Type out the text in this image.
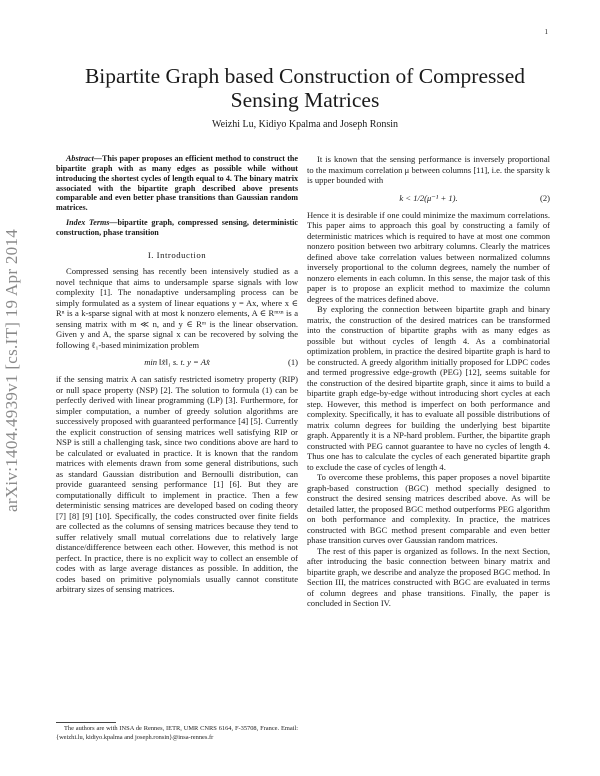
1
arXiv:1404.4939v1 [cs.IT] 19 Apr 2014
Bipartite Graph based Construction of Compressed Sensing Matrices
Weizhi Lu, Kidiyo Kpalma and Joseph Ronsin

Abstract—This paper proposes an efficient method to construct the bipartite graph with as many edges as possible while without introducing the shortest cycles of length equal to 4. The binary matrix associated with the bipartite graph described above presents comparable and even better phase transitions than Gaussian random matrices.

Index Terms—bipartite graph, compressed sensing, deterministic construction, phase transition

I. Introduction

Compressed sensing has recently been intensively studied as a novel technique that aims to undersample sparse signals with low complexity [1]. The nonadaptive undersampling process can be simply formulated as a system of linear equations y = Ax, where x ∈ Rⁿ is a k-sparse signal with at most k nonzero elements, A ∈ Rᵐˣⁿ is a sensing matrix with m ≪ n, and y ∈ Rᵐ is the linear observation. Given y and A, the sparse signal x can be recovered by solving the following ℓ₁-based minimization problem

min ‖x̂‖₁ s. t. y = Ax̂	(1)

if the sensing matrix A can satisfy restricted isometry property (RIP) or null space property (NSP) [2]. The solution to formula (1) can be perfectly derived with linear programming (LP) [3]. Furthermore, for simpler computation, a number of greedy solution algorithms are successively proposed with guaranteed performance [4] [5]. Currently the explicit construction of sensing matrices well satisfying RIP or NSP is still a challenging task, since two conditions above are hard to be calculated or evaluated in practice. It is known that the random matrices with elements drawn from some general distributions, such as standard Gaussian distribution and Bernoulli distribution, can provide guaranteed sensing performance [1] [6]. But they are computationally difficult to implement in practice. Then a few deterministic sensing matrices are developed based on coding theory [7] [8] [9] [10]. Specifically, the codes constructed over finite fields are collected as the columns of sensing matrices because they tend to suffer relatively small mutual correlations due to relatively large distance/difference between each other. However, this method is not perfect. In practice, there is no explicit way to collect an ensemble of codes with as large average distances as possible. In addition, the codes based on primitive polynomials usually cannot constitute arbitrary sizes of sensing matrices.

The authors are with INSA de Rennes, IETR, UMR CNRS 6164, F-35708, France. Email: {weizhi.lu, kidiyo.kpalma and joseph.ronsin}@insa-rennes.fr

It is known that the sensing performance is inversely proportional to the maximum correlation μ between columns [11], i.e. the sparsity k is upper bounded with

k < 1/2(μ⁻¹ + 1).	(2)

Hence it is desirable if one could minimize the maximum correlations. This paper aims to approach this goal by constructing a family of deterministic matrices which is required to have at most one common nonzero position between two arbitrary columns. Clearly the matrices defined above take correlation values between normalized columns inversely proportional to the column degrees, namely the number of nonzero elements in each column. In this sense, the major task of this paper is to propose an explicit method to maximize the column degrees of the matrices defined above.

By exploring the connection between bipartite graph and binary matrix, the construction of the desired matrices can be transformed into the construction of bipartite graphs with as many edges as possible but without cycles of length 4. As a combinatorial optimization problem, in practice the desired bipartite graph is hard to be constructed. A greedy algorithm initially proposed for LDPC codes and termed progressive edge-growth (PEG) [12], seems suitable for the construction of the desired bipartite graph, since it aims to build a bipartite graph edge-by-edge without introducing short cycles at each step. However, this method is imperfect on both performance and complexity. Specifically, it has to evaluate all possible distributions of matrix column degrees for building the underlying best bipartite graph. Apparently it is a NP-hard problem. Further, the bipartite graph constructed with PEG cannot guarantee to have no cycles of length 4. Thus one has to calculate the cycles of each generated bipartite graph to exclude the case of cycles of length 4.

To overcome these problems, this paper proposes a novel bipartite graph-based construction (BGC) method specially designed to construct the desired sensing matrices described above. As will be detailed latter, the proposed BGC method outperforms PEG algorithm on both performance and complexity. In practice, the matrices constructed with BGC method present comparable and even better phase transition curves over Gaussian random matrices.

The rest of this paper is organized as follows. In the next Section, after introducing the basic connection between binary matrix and bipartite graph, we describe and analyze the proposed BGC method. In Section III, the matrices constructed with BGC are evaluated in terms of column degrees and phase transitions. Finally, the paper is concluded in Section IV.
